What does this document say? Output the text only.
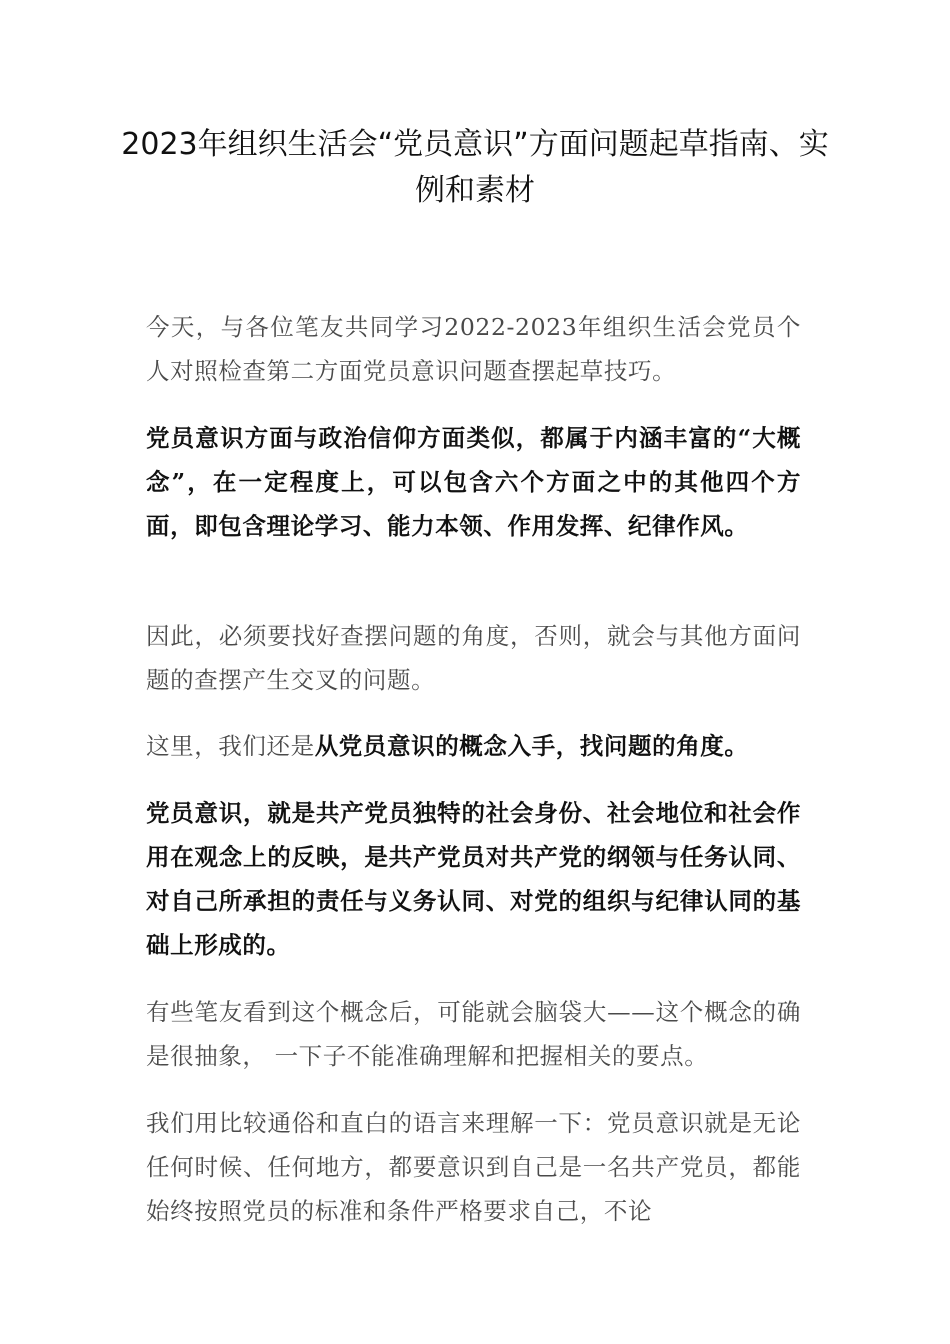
2023年组织生活会“党员意识”方面问题起草指南、实例和素材

今天，与各位笔友共同学习2022-2023年组织生活会党员个人对照检查第二方面党员意识问题查摆起草技巧。

党员意识方面与政治信仰方面类似，都属于内涵丰富的“大概念”，在一定程度上，可以包含六个方面之中的其他四个方面，即包含理论学习、能力本领、作用发挥、纪律作风。

因此，必须要找好查摆问题的角度，否则，就会与其他方面问题的查摆产生交叉的问题。

这里，我们还是从党员意识的概念入手，找问题的角度。

党员意识，就是共产党员独特的社会身份、社会地位和社会作用在观念上的反映，是共产党员对共产党的纲领与任务认同、对自己所承担的责任与义务认同、对党的组织与纪律认同的基础上形成的。

有些笔友看到这个概念后，可能就会脑袋大——这个概念的确是很抽象， 一下子不能准确理解和把握相关的要点。

我们用比较通俗和直白的语言来理解一下：党员意识就是无论任何时候、任何地方，都要意识到自己是一名共产党员，都能始终按照党员的标准和条件严格要求自己，不论
